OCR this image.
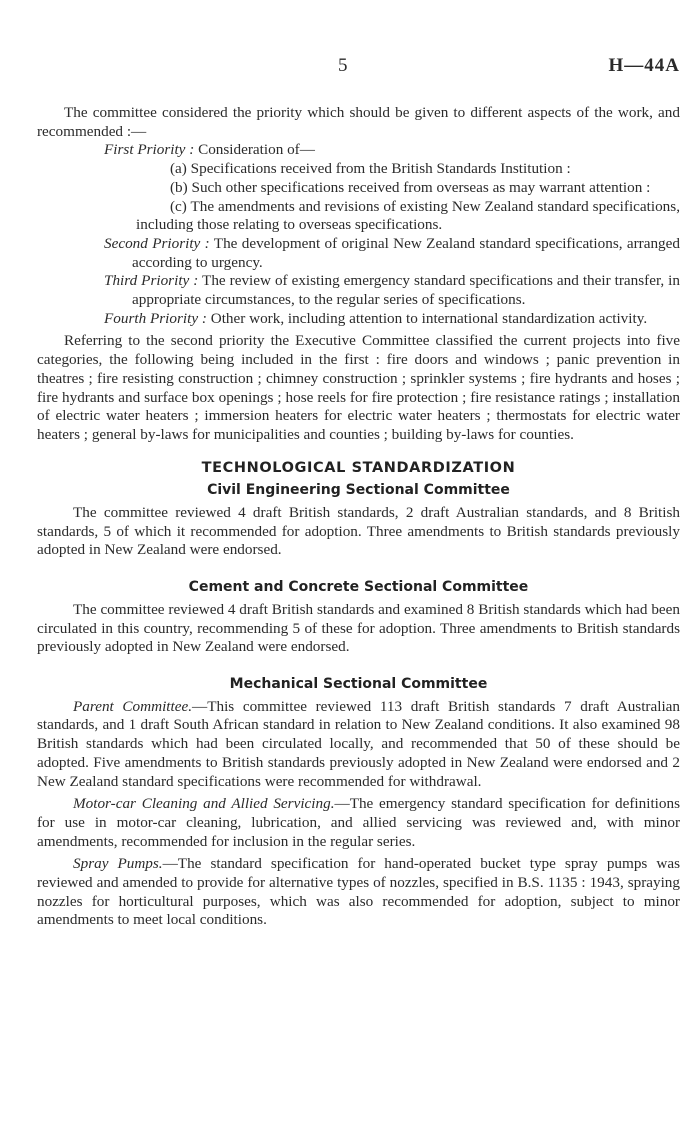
5	H—44A

The committee considered the priority which should be given to different aspects of the work, and recommended :—

First Priority : Consideration of—

(a) Specifications received from the British Standards Institution :

(b) Such other specifications received from overseas as may warrant attention :

(c) The amendments and revisions of existing New Zealand standard specifications, including those relating to overseas specifications.

Second Priority : The development of original New Zealand standard specifications, arranged according to urgency.

Third Priority : The review of existing emergency standard specifications and their transfer, in appropriate circumstances, to the regular series of specifications.

Fourth Priority : Other work, including attention to international standardization activity.

Referring to the second priority the Executive Committee classified the current projects into five categories, the following being included in the first : fire doors and windows ; panic prevention in theatres ; fire resisting construction ; chimney construction ; sprinkler systems ; fire hydrants and hoses ; fire hydrants and surface box openings ; hose reels for fire protection ; fire resistance ratings ; installation of electric water heaters ; immersion heaters for electric water heaters ; thermostats for electric water heaters ; general by-laws for municipalities and counties ; building by-laws for counties.

TECHNOLOGICAL STANDARDIZATION
Civil Engineering Sectional Committee

The committee reviewed 4 draft British standards, 2 draft Australian standards, and 8 British standards, 5 of which it recommended for adoption. Three amendments to British standards previously adopted in New Zealand were endorsed.

Cement and Concrete Sectional Committee

The committee reviewed 4 draft British standards and examined 8 British standards which had been circulated in this country, recommending 5 of these for adoption. Three amendments to British standards previously adopted in New Zealand were endorsed.

Mechanical Sectional Committee

Parent Committee.—This committee reviewed 113 draft British standards 7 draft Australian standards, and 1 draft South African standard in relation to New Zealand conditions. It also examined 98 British standards which had been circulated locally, and recommended that 50 of these should be adopted. Five amendments to British standards previously adopted in New Zealand were endorsed and 2 New Zealand standard specifications were recommended for withdrawal.

Motor-car Cleaning and Allied Servicing.—The emergency standard specification for definitions for use in motor-car cleaning, lubrication, and allied servicing was reviewed and, with minor amendments, recommended for inclusion in the regular series.

Spray Pumps.—The standard specification for hand-operated bucket type spray pumps was reviewed and amended to provide for alternative types of nozzles, specified in B.S. 1135 : 1943, spraying nozzles for horticultural purposes, which was also recommended for adoption, subject to minor amendments to meet local conditions.
